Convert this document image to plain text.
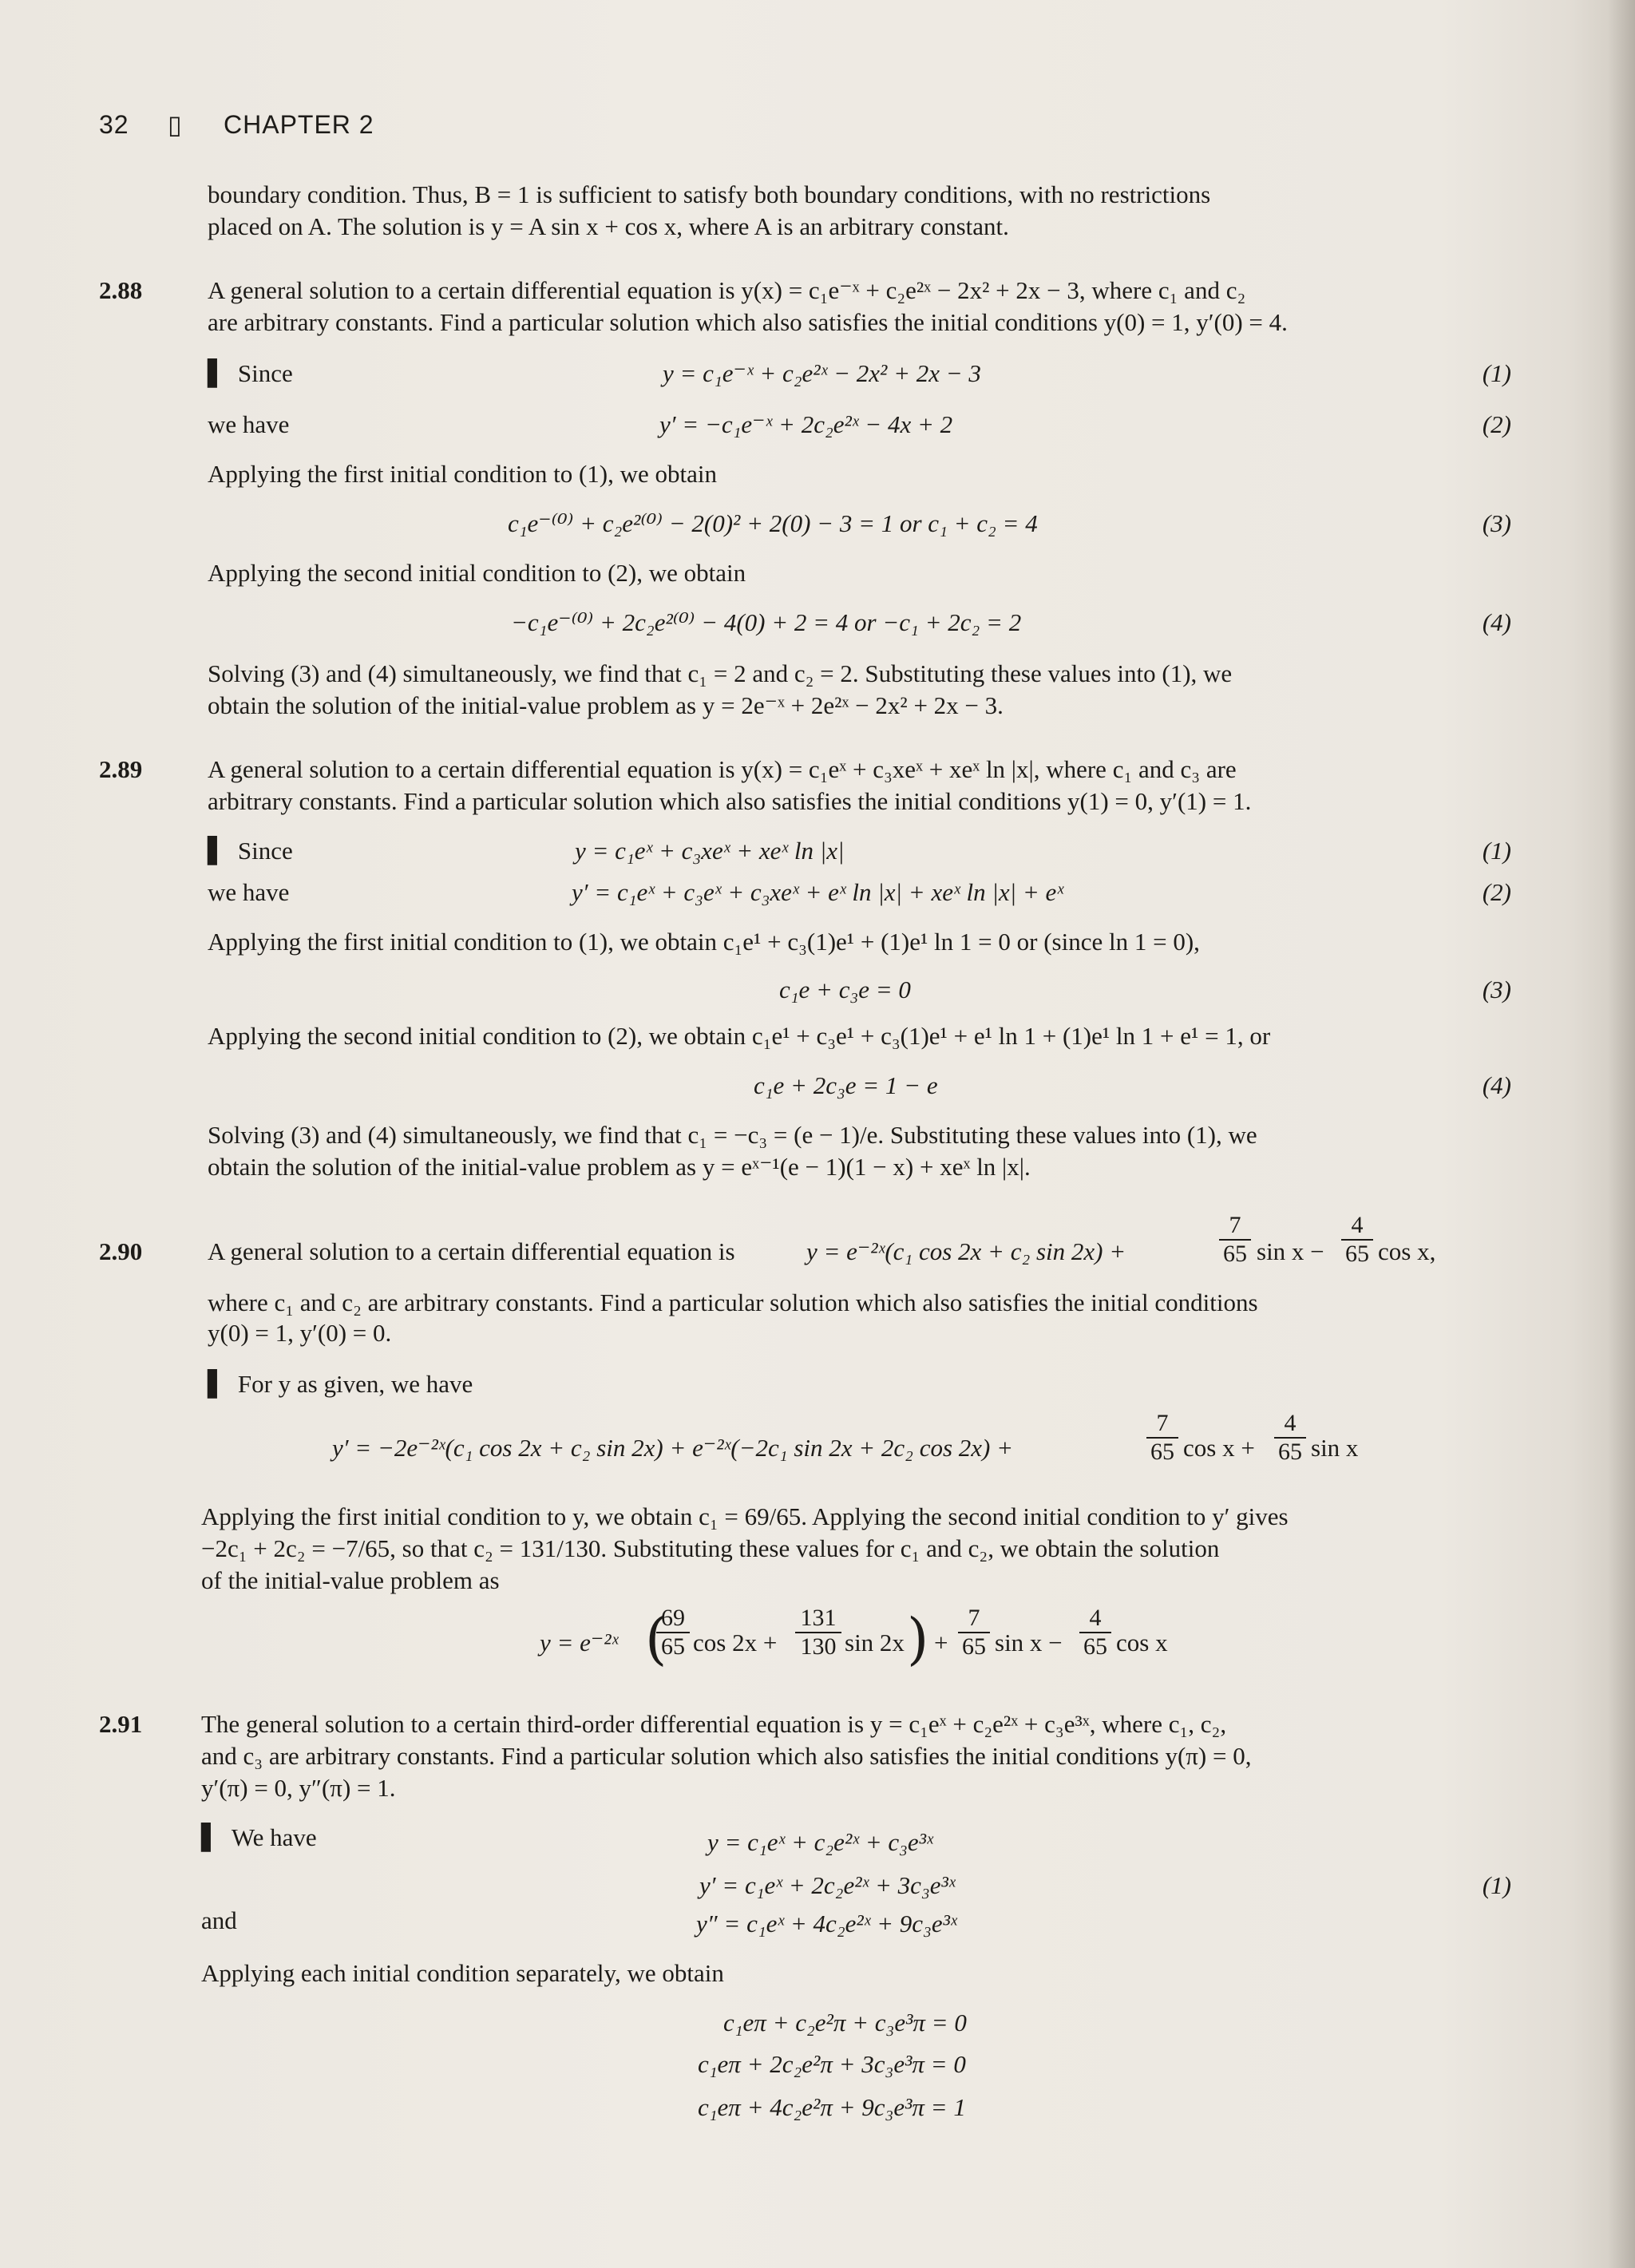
32 ▯ CHAPTER 2
boundary condition. Thus, B = 1 is sufficient to satisfy both boundary conditions, with no restrictions
placed on A. The solution is y = A sin x + cos x, where A is an arbitrary constant.
2.88	A general solution to a certain differential equation is y(x) = c₁e⁻ˣ + c₂e²ˣ − 2x² + 2x − 3, where c₁ and c₂
are arbitrary constants. Find a particular solution which also satisfies the initial conditions y(0) = 1, y′(0) = 4.
▌ Since	y = c₁e⁻ˣ + c₂e²ˣ − 2x² + 2x − 3	(1)
we have	y′ = −c₁e⁻ˣ + 2c₂e²ˣ − 4x + 2	(2)
Applying the first initial condition to (1), we obtain
c₁e⁻⁽⁰⁾ + c₂e²⁽⁰⁾ − 2(0)² + 2(0) − 3 = 1 or c₁ + c₂ = 4	(3)
Applying the second initial condition to (2), we obtain
−c₁e⁻⁽⁰⁾ + 2c₂e²⁽⁰⁾ − 4(0) + 2 = 4 or −c₁ + 2c₂ = 2	(4)
Solving (3) and (4) simultaneously, we find that c₁ = 2 and c₂ = 2. Substituting these values into (1), we
obtain the solution of the initial-value problem as y = 2e⁻ˣ + 2e²ˣ − 2x² + 2x − 3.
2.89	A general solution to a certain differential equation is y(x) = c₁eˣ + c₃xeˣ + xeˣ ln |x|, where c₁ and c₃ are
arbitrary constants. Find a particular solution which also satisfies the initial conditions y(1) = 0, y′(1) = 1.
▌ Since	y = c₁eˣ + c₃xeˣ + xeˣ ln |x|	(1)
we have	y′ = c₁eˣ + c₃eˣ + c₃xeˣ + eˣ ln |x| + xeˣ ln |x| + eˣ	(2)
Applying the first initial condition to (1), we obtain c₁e¹ + c₃(1)e¹ + (1)e¹ ln 1 = 0 or (since ln 1 = 0),
c₁e + c₃e = 0	(3)
Applying the second initial condition to (2), we obtain c₁e¹ + c₃e¹ + c₃(1)e¹ + e¹ ln 1 + (1)e¹ ln 1 + e¹ = 1, or
c₁e + 2c₃e = 1 − e	(4)
Solving (3) and (4) simultaneously, we find that c₁ = −c₃ = (e − 1)/e. Substituting these values into (1), we
obtain the solution of the initial-value problem as y = eˣ⁻¹(e − 1)(1 − x) + xeˣ ln |x|.
2.90	A general solution to a certain differential equation is	y = e⁻²ˣ(c₁ cos 2x + c₂ sin 2x) +
7
65 sin x −
4
65 cos x,
where c₁ and c₂ are arbitrary constants. Find a particular solution which also satisfies the initial conditions
y(0) = 1, y′(0) = 0.
▌ For y as given, we have
y′ = −2e⁻²ˣ(c₁ cos 2x + c₂ sin 2x) + e⁻²ˣ(−2c₁ sin 2x + 2c₂ cos 2x) +
7
65 cos x +
4
65 sin x
Applying the first initial condition to y, we obtain c₁ = 69/65. Applying the second initial condition to y′ gives
−2c₁ + 2c₂ = −7/65, so that c₂ = 131/130. Substituting these values for c₁ and c₂, we obtain the solution
of the initial-value problem as
y = e⁻²ˣ (
69
65 cos 2x +
131
130 sin 2x ) +
7
65 sin x −
4
65 cos x
2.91 The general solution to a certain third-order differential equation is y = c₁eˣ + c₂e²ˣ + c₃e³ˣ, where c₁, c₂,
and c₃ are arbitrary constants. Find a particular solution which also satisfies the initial conditions y(π) = 0,
y′(π) = 0, y″(π) = 1.
▌ We have	y = c₁eˣ + c₂e²ˣ + c₃e³ˣ
y′ = c₁eˣ + 2c₂e²ˣ + 3c₃e³ˣ	(1)
and	y″ = c₁eˣ + 4c₂e²ˣ + 9c₃e³ˣ
Applying each initial condition separately, we obtain
c₁eπ + c₂e²π + c₃e³π = 0
c₁eπ + 2c₂e²π + 3c₃e³π = 0
c₁eπ + 4c₂e²π + 9c₃e³π = 1
